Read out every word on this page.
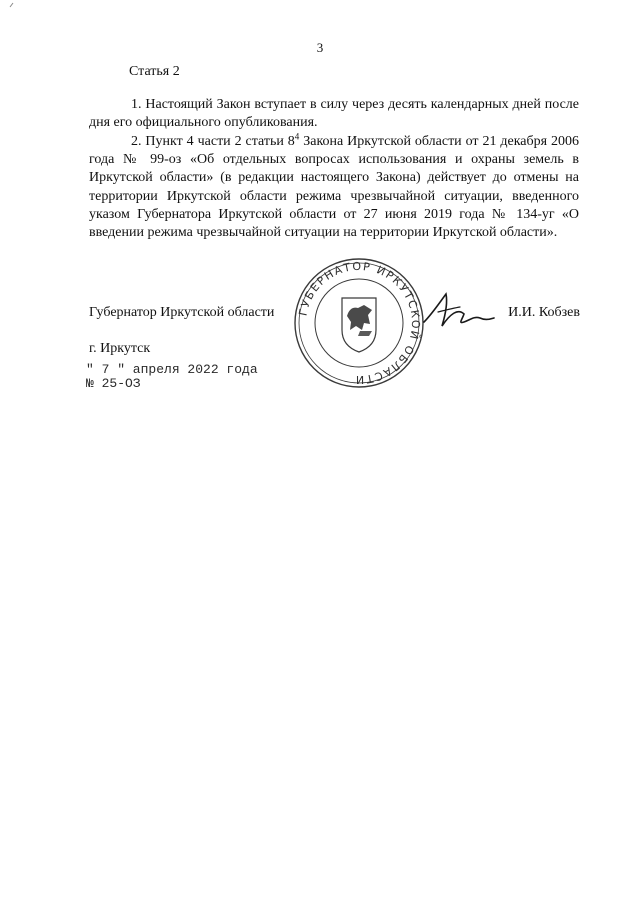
3
Статья 2

1. Настоящий Закон вступает в силу через десять календарных дней после дня его официального опубликования.

2. Пункт 4 части 2 статьи $8^4$ Закона Иркутской области от 21 декабря 2006 года № 99-оз «Об отдельных вопросах использования и охраны земель в Иркутской области» (в редакции настоящего Закона) действует до отмены на территории Иркутской области режима чрезвычайной ситуации, введенного указом Губернатора Иркутской области от 27 июня 2019 года № 134-уг «О введении режима чрезвычайной ситуации на территории Иркутской области».

Губернатор Иркутской области ГУБЕРНАТОР ИРКУТСКОЙ ОБЛАСТИ
И.И. Кобзев
г. Иркутск
" 7 " апреля 2022 года
№ 25-ОЗ
